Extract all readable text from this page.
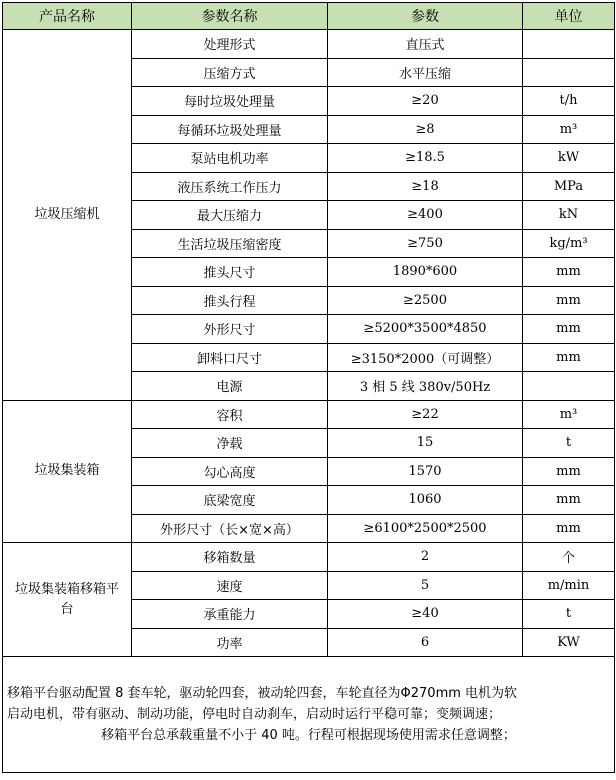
产品名称	参数名称	参数	单位
垃圾压缩机	处理形式	直压式	
	压缩方式	水平压缩	
	每时垃圾处理量	≥20	t/h
	每循环垃圾处理量	≥8	m³
	泵站电机功率	≥18.5	kW
	液压系统工作压力	≥18	MPa
	最大压缩力	≥400	kN
	生活垃圾压缩密度	≥750	kg/m³
	推头尺寸	1890*600	mm
	推头行程	≥2500	mm
	外形尺寸	≥5200*3500*4850	mm
	卸料口尺寸	≥3150*2000（可调整）	mm
	电源	3 相 5 线 380v/50Hz	
垃圾集装箱	容积	≥22	m³
	净载	15	t
	勾心高度	1570	mm
	底梁宽度	1060	mm
	外形尺寸（长×宽×高）	≥6100*2500*2500	mm
垃圾集装箱移箱平台	移箱数量	2	个
	速度	5	m/min
	承重能力	≥40	t
	功率	6	KW

移箱平台驱动配置 8 套车轮，驱动轮四套，被动轮四套，车轮直径为Φ270mm 电机为软
启动电机，带有驱动、制动功能，停电时自动刹车，启动时运行平稳可靠；变频调速；

移箱平台总承载重量不小于 40 吨。行程可根据现场使用需求任意调整；			
